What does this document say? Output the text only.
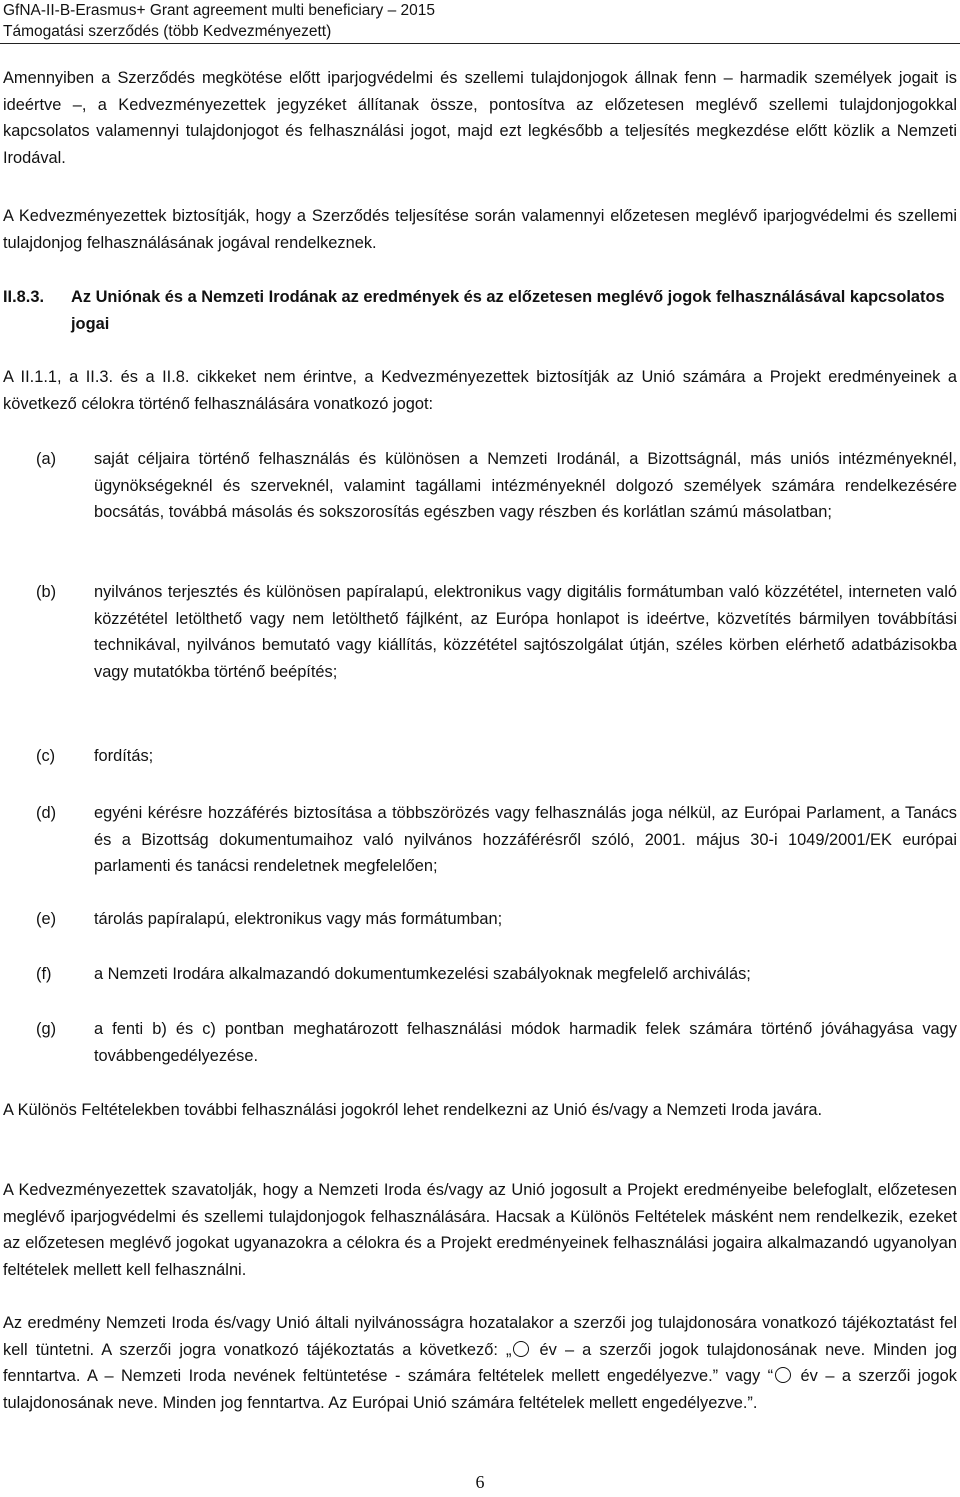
GfNA-II-B-Erasmus+ Grant agreement multi beneficiary – 2015
Támogatási szerződés (több Kedvezményezett)

Amennyiben a Szerződés megkötése előtt iparjogvédelmi és szellemi tulajdonjogok állnak fenn – harmadik személyek jogait is ideértve –, a Kedvezményezettek jegyzéket állítanak össze, pontosítva az előzetesen meglévő szellemi tulajdonjogokkal kapcsolatos valamennyi tulajdonjogot és felhasználási jogot, majd ezt legkésőbb a teljesítés megkezdése előtt közlik a Nemzeti Irodával.

A Kedvezményezettek biztosítják, hogy a Szerződés teljesítése során valamennyi előzetesen meglévő iparjogvédelmi és szellemi tulajdonjog felhasználásának jogával rendelkeznek.

II.8.3. Az Uniónak és a Nemzeti Irodának az eredmények és az előzetesen meglévő jogok felhasználásával kapcsolatos jogai

A II.1.1, a II.3. és a II.8. cikkeket nem érintve, a Kedvezményezettek biztosítják az Unió számára a Projekt eredményeinek a következő célokra történő felhasználására vonatkozó jogot:

(a) saját céljaira történő felhasználás és különösen a Nemzeti Irodánál, a Bizottságnál, más uniós intézményeknél, ügynökségeknél és szerveknél, valamint tagállami intézményeknél dolgozó személyek számára rendelkezésére bocsátás, továbbá másolás és sokszorosítás egészben vagy részben és korlátlan számú másolatban;
(b) nyilvános terjesztés és különösen papíralapú, elektronikus vagy digitális formátumban való közzététel, interneten való közzététel letölthető vagy nem letölthető fájlként, az Európa honlapot is ideértve, közvetítés bármilyen továbbítási technikával, nyilvános bemutató vagy kiállítás, közzététel sajtószolgálat útján, széles körben elérhető adatbázisokba vagy mutatókba történő beépítés;
(c) fordítás;
(d) egyéni kérésre hozzáférés biztosítása a többszörözés vagy felhasználás joga nélkül, az Európai Parlament, a Tanács és a Bizottság dokumentumaihoz való nyilvános hozzáférésről szóló, 2001. május 30-i 1049/2001/EK európai parlamenti és tanácsi rendeletnek megfelelően;
(e) tárolás papíralapú, elektronikus vagy más formátumban;
(f)	a Nemzeti Irodára alkalmazandó dokumentumkezelési szabályoknak megfelelő archiválás;
(g) a fenti b) és c) pontban meghatározott felhasználási módok harmadik felek számára történő jóváhagyása vagy továbbengedélyezése.

A Különös Feltételekben további felhasználási jogokról lehet rendelkezni az Unió és/vagy a Nemzeti Iroda javára.

A Kedvezményezettek szavatolják, hogy a Nemzeti Iroda és/vagy az Unió jogosult a Projekt eredményeibe belefoglalt, előzetesen meglévő iparjogvédelmi és szellemi tulajdonjogok felhasználására. Hacsak a Különös Feltételek másként nem rendelkezik, ezeket az előzetesen meglévő jogokat ugyanazokra a célokra és a Projekt eredményeinek felhasználási jogaira alkalmazandó ugyanolyan feltételek mellett kell felhasználni.

Az eredmény Nemzeti Iroda és/vagy Unió általi nyilvánosságra hozatalakor a szerzői jog tulajdonosára vonatkozó tájékoztatást fel kell tüntetni. A szerzői jogra vonatkozó tájékoztatás a következő: „ év – a szerzői jogok tulajdonosának neve. Minden jog fenntartva. A – Nemzeti Iroda nevének feltüntetése - számára feltételek mellett engedélyezve.” vagy “ év – a szerzői jogok tulajdonosának neve. Minden jog fenntartva. Az Európai Unió számára feltételek mellett engedélyezve.”.

6
